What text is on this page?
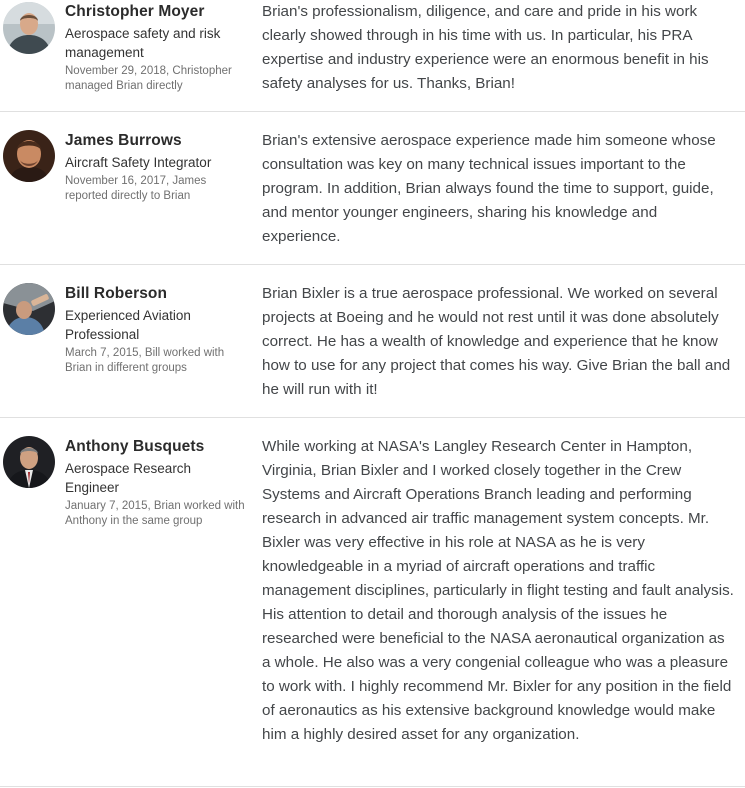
Christopher Moyer
Aerospace safety and risk management
November 29, 2018, Christopher managed Brian directly
Brian's professionalism, diligence, and care and pride in his work clearly showed through in his time with us. In particular, his PRA expertise and industry experience were an enormous benefit in his safety analyses for us. Thanks, Brian!
James Burrows
Aircraft Safety Integrator
November 16, 2017, James reported directly to Brian
Brian's extensive aerospace experience made him someone whose consultation was key on many technical issues important to the program. In addition, Brian always found the time to support, guide, and mentor younger engineers, sharing his knowledge and experience.
Bill Roberson
Experienced Aviation Professional
March 7, 2015, Bill worked with Brian in different groups
Brian Bixler is a true aerospace professional. We worked on several projects at Boeing and he would not rest until it was done absolutely correct. He has a wealth of knowledge and experience that he know how to use for any project that comes his way. Give Brian the ball and he will run with it!
Anthony Busquets
Aerospace Research Engineer
January 7, 2015, Brian worked with Anthony in the same group
While working at NASA's Langley Research Center in Hampton, Virginia, Brian Bixler and I worked closely together in the Crew Systems and Aircraft Operations Branch leading and performing research in advanced air traffic management system concepts. Mr. Bixler was very effective in his role at NASA as he is very knowledgeable in a myriad of aircraft operations and traffic management disciplines, particularly in flight testing and fault analysis. His attention to detail and thorough analysis of the issues he researched were beneficial to the NASA aeronautical organization as a whole. He also was a very congenial colleague who was a pleasure to work with. I highly recommend Mr. Bixler for any position in the field of aeronautics as his extensive background knowledge would make him a highly desired asset for any organization.
